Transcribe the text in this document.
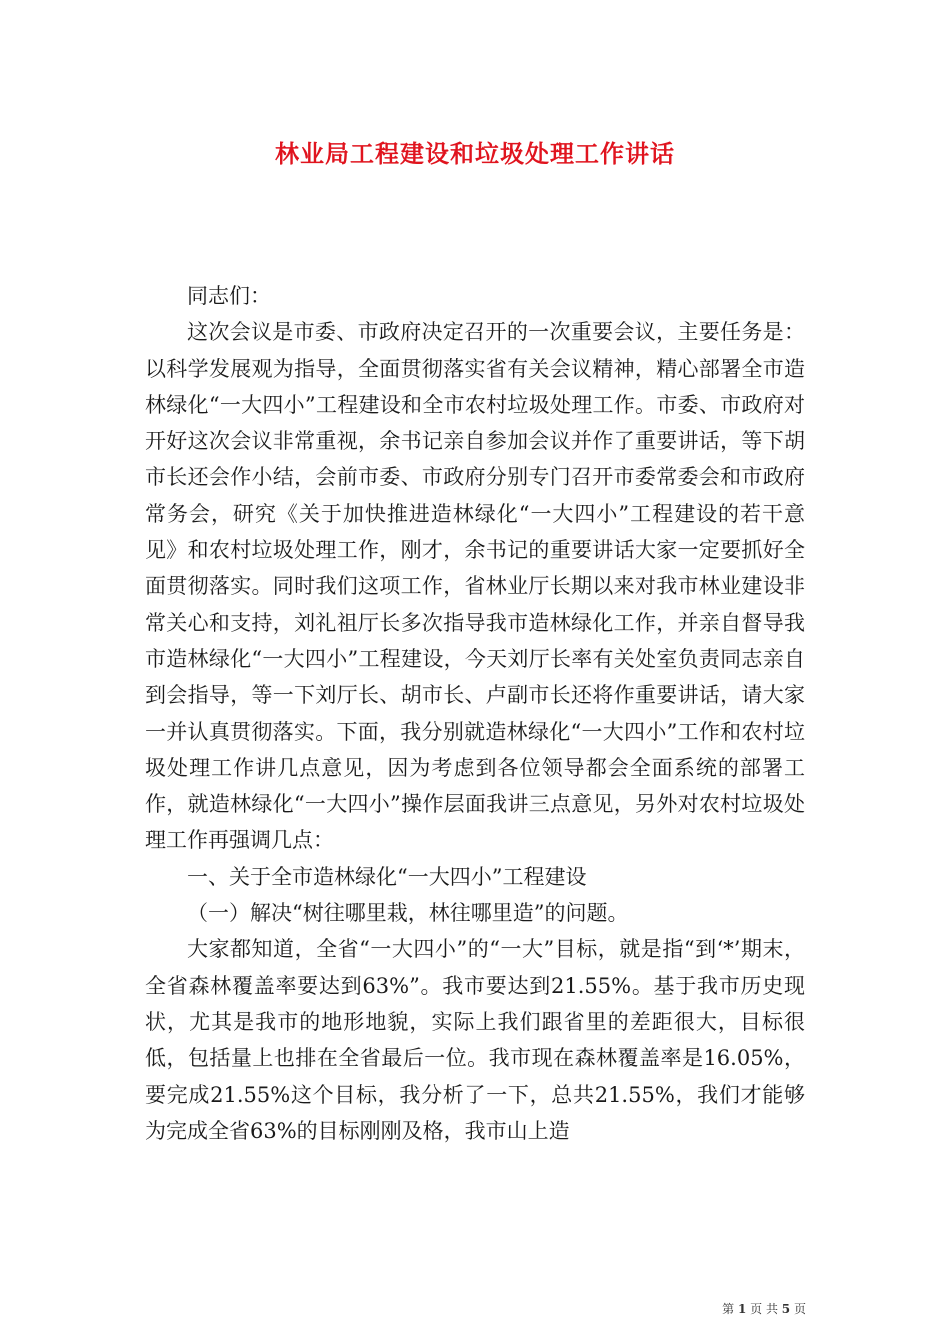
林业局工程建设和垃圾处理工作讲话

同志们：

这次会议是市委、市政府决定召开的一次重要会议，主要任务是：以科学发展观为指导，全面贯彻落实省有关会议精神，精心部署全市造林绿化“一大四小”工程建设和全市农村垃圾处理工作。市委、市政府对开好这次会议非常重视，余书记亲自参加会议并作了重要讲话，等下胡市长还会作小结，会前市委、市政府分别专门召开市委常委会和市政府常务会，研究《关于加快推进造林绿化“一大四小”工程建设的若干意见》和农村垃圾处理工作，刚才，余书记的重要讲话大家一定要抓好全面贯彻落实。同时我们这项工作，省林业厅长期以来对我市林业建设非常关心和支持，刘礼祖厅长多次指导我市造林绿化工作，并亲自督导我市造林绿化“一大四小”工程建设，今天刘厅长率有关处室负责同志亲自到会指导，等一下刘厅长、胡市长、卢副市长还将作重要讲话，请大家一并认真贯彻落实。下面，我分别就造林绿化“一大四小”工作和农村垃圾处理工作讲几点意见，因为考虑到各位领导都会全面系统的部署工作，就造林绿化“一大四小”操作层面我讲三点意见，另外对农村垃圾处理工作再强调几点：

一、关于全市造林绿化“一大四小”工程建设

（一）解决“树往哪里栽，林往哪里造”的问题。

大家都知道，全省“一大四小”的“一大”目标，就是指“到‘*’期末，全省森林覆盖率要达到63%”。我市要达到21.55%。基于我市历史现状，尤其是我市的地形地貌，实际上我们跟省里的差距很大，目标很低，包括量上也排在全省最后一位。我市现在森林覆盖率是16.05%，要完成21.55%这个目标，我分析了一下，总共21.55%，我们才能够为完成全省63%的目标刚刚及格，我市山上造

第 1 页 共 5 页
